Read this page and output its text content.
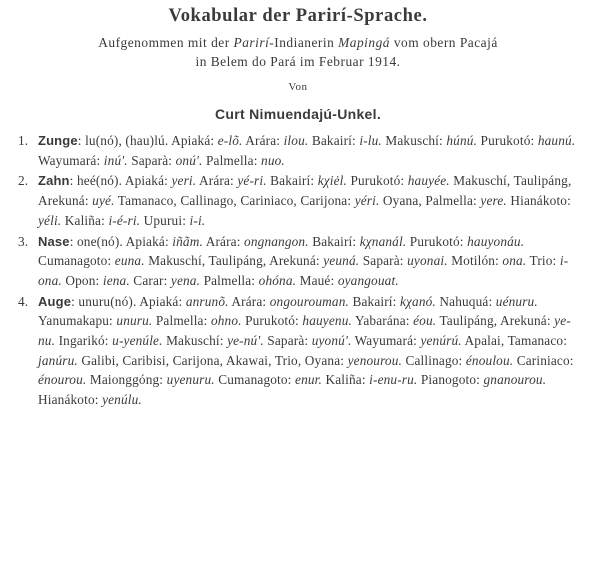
Vokabular der Parirí-Sprache.

Aufgenommen mit der Parirí-Indianerin Mapingá vom obern Pacajá
in Belem do Pará im Februar 1914.

Von

Curt Nimuendajú-Unkel.

1. Zunge: lu(nó), (hau)lú. Apiaká: e-lõ. Arára: ilou. Bakairí: i-lu. Makuschí: húnú. Purukotó: haunú. Wayumará: inú'. Saparà: onú'. Palmella: nuo.
2. Zahn: heé(nó). Apiaká: yeri. Arára: yé-ri. Bakairí: kχiėl. Purukotó: hauyée. Makuschí, Taulipáng, Arekuná: uyé. Tamanaco, Callinago, Cariniaco, Carijona: yéri. Oyana, Palmella: yere. Hianákoto: yéli. Kaliña: i-é-ri. Upurui: i-i.
3. Nase: one(nó). Apiaká: iñãm. Arára: ongnangon. Bakairí: kχnanál. Purukotó: hauyonáu. Cumanagoto: euna. Makuschí, Taulipáng, Arekuná: yeuná. Saparà: uyonai. Motilón: ona. Trio: i-ona. Opon: iena. Carar: yena. Palmella: ohóna. Maué: oyangouat.
4. Auge: unuru(nó). Apiaká: anrunõ. Arára: ongourouman. Bakairí: kχanó. Nahuquá: uénuru. Yanumakapu: unuru. Palmella: ohno. Purukotó: hauyenu. Yabarána: éou. Taulipáng, Arekuná: ye-nu. Ingarikó: u-yenúle. Makuschí: ye-nú'. Saparà: uyonú'. Wayumará: yenúrú. Apalai, Tamanaco: janúru. Galibi, Caribisi, Carijona, Akawai, Trio, Oyana: yenourou. Callinago: énoulou. Cariniaco: énourou. Maionggóng: uyenuru. Cumanagoto: enur. Kaliña: i-enu-ru. Pianogoto: gnanourou. Hianákoto: yenúlu.
